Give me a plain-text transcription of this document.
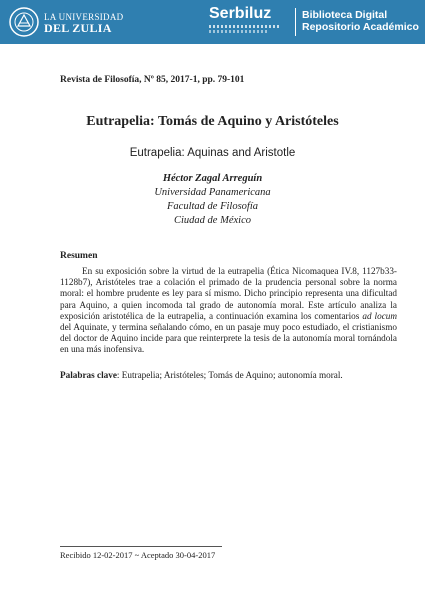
LA UNIVERSIDAD
DEL ZULIA
Serbiluz	Biblioteca Digital
Repositorio Académico
Revista de Filosofía, Nº 85, 2017-1, pp. 79-101
Eutrapelia: Tomás de Aquino y Aristóteles
Eutrapelia: Aquinas and Aristotle
Héctor Zagal Arreguín
Universidad Panamericana
Facultad de Filosofía
Ciudad de México
Resumen

En su exposición sobre la virtud de la eutrapelia (Ética Nicomaquea IV.8, 1127b33-1128b7), Aristóteles trae a colación el primado de la prudencia personal sobre la norma moral: el hombre prudente es ley para sí mismo. Dicho principio representa una dificultad para Aquino, a quien incomoda tal grado de autonomía moral. Este artículo analiza la exposición aristotélica de la eutrapelia, a continuación examina los comentarios ad locum del Aquinate, y termina señalando cómo, en un pasaje muy poco estudiado, el cristianismo del doctor de Aquino incide para que reinterprete la tesis de la autonomía moral tornándola en una más inofensiva.

Palabras clave: Eutrapelia; Aristóteles; Tomás de Aquino; autonomía moral.

Recibido 12-02-2017 ~ Aceptado 30-04-2017
